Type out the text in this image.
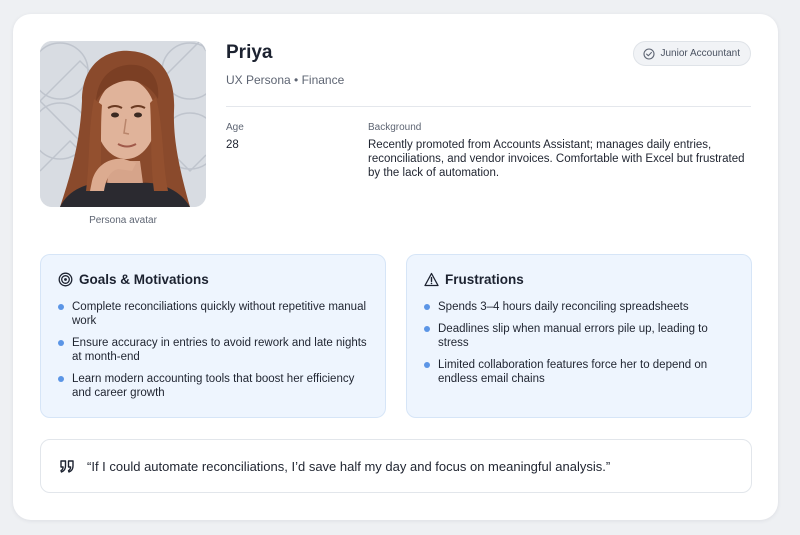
Persona avatar
Priya
UX Persona • Finance
Junior Accountant
Age
28
Background
Recently promoted from Accounts Assistant; manages daily entries, reconciliations, and vendor invoices. Comfortable with Excel but frustrated by the lack of automation.
Goals & Motivations
Complete reconciliations quickly without repetitive manual work
Ensure accuracy in entries to avoid rework and late nights at month-end
Learn modern accounting tools that boost her efficiency and career growth
Frustrations
Spends 3–4 hours daily reconciling spreadsheets
Deadlines slip when manual errors pile up, leading to stress
Limited collaboration features force her to depend on endless email chains
“If I could automate reconciliations, I’d save half my day and focus on meaningful analysis.”
